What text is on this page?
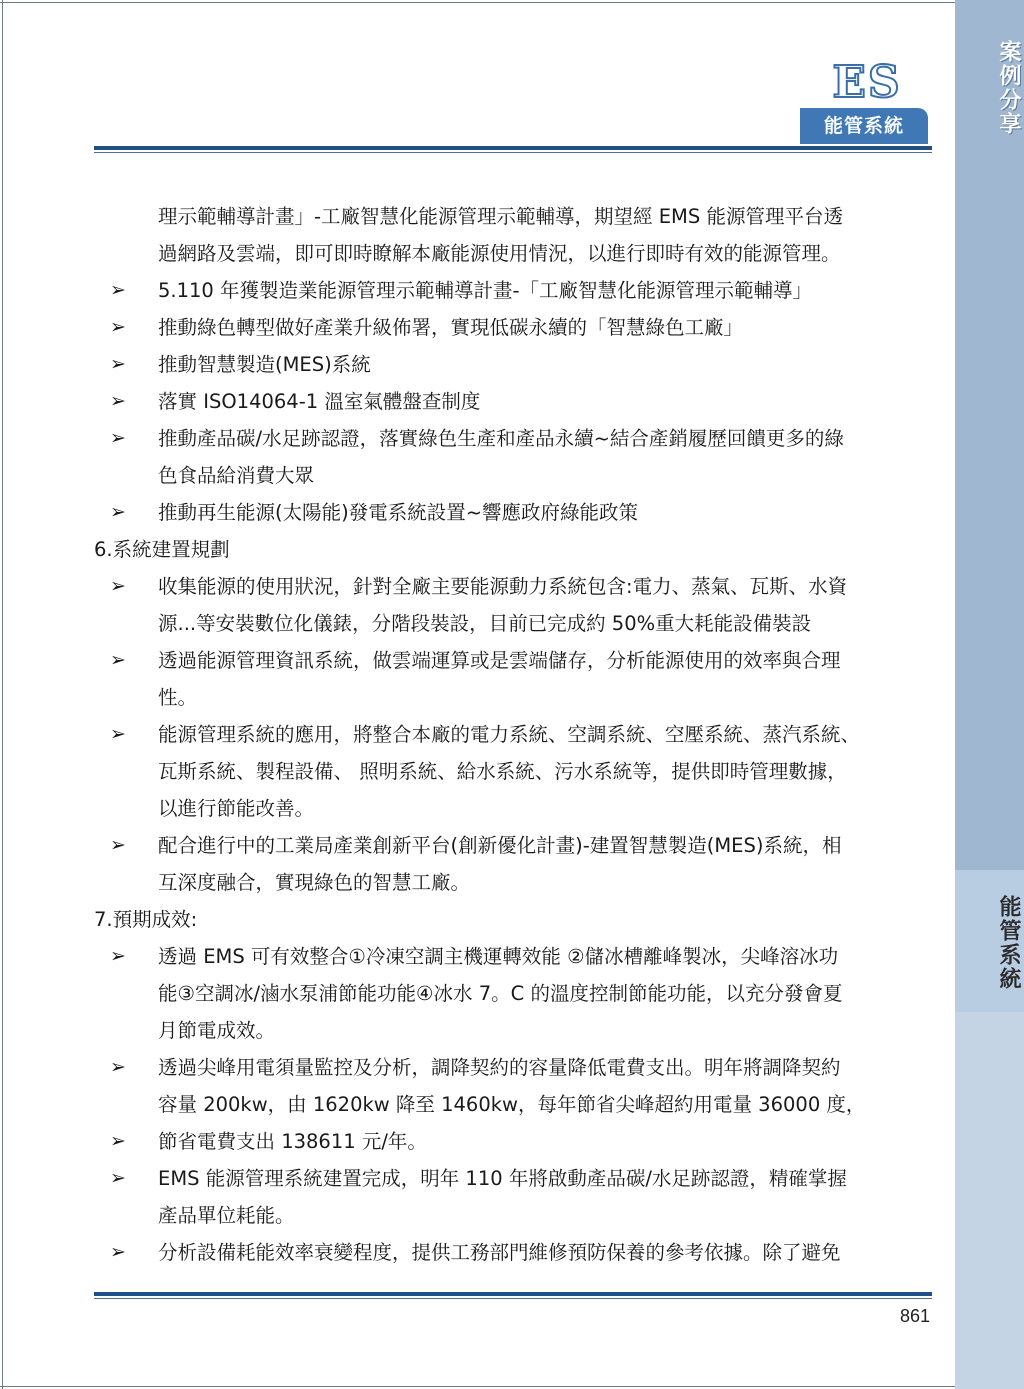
案例分享
能管系統
ES
能管系統
理示範輔導計畫」-工廠智慧化能源管理示範輔導，期望經 EMS 能源管理平台透
過網路及雲端，即可即時瞭解本廠能源使用情況，以進行即時有效的能源管理。
➢	5.110 年獲製造業能源管理示範輔導計畫-「工廠智慧化能源管理示範輔導」
➢	推動綠色轉型做好產業升級佈署，實現低碳永續的「智慧綠色工廠」
➢	推動智慧製造(MES)系統
➢	落實 ISO14064-1 溫室氣體盤查制度
➢	推動產品碳/水足跡認證，落實綠色生產和產品永續~結合產銷履歷回饋更多的綠
色食品給消費大眾
➢	推動再生能源(太陽能)發電系統設置~響應政府綠能政策
6.系統建置規劃
➢	收集能源的使用狀況，針對全廠主要能源動力系統包含:電力、蒸氣、瓦斯、水資
源...等安裝數位化儀錶，分階段裝設，目前已完成約 50%重大耗能設備裝設
➢	透過能源管理資訊系統，做雲端運算或是雲端儲存，分析能源使用的效率與合理
性。
➢	能源管理系統的應用，將整合本廠的電力系統、空調系統、空壓系統、蒸汽系統、
瓦斯系統、製程設備、 照明系統、給水系統、污水系統等，提供即時管理數據，
以進行節能改善。
➢	配合進行中的工業局產業創新平台(創新優化計畫)-建置智慧製造(MES)系統，相
互深度融合，實現綠色的智慧工廠。
7.預期成效:
➢	透過 EMS 可有效整合①冷凍空調主機運轉效能 ②儲冰槽離峰製冰，尖峰溶冰功
能③空調冰/滷水泵浦節能功能④冰水 7。C 的溫度控制節能功能，以充分發會夏
月節電成效。
➢	透過尖峰用電須量監控及分析，調降契約的容量降低電費支出。明年將調降契約
容量 200kw，由 1620kw 降至 1460kw，每年節省尖峰超約用電量 36000 度，
➢	節省電費支出 138611 元/年。
➢	EMS 能源管理系統建置完成，明年 110 年將啟動產品碳/水足跡認證，精確掌握
產品單位耗能。
➢	分析設備耗能效率衰變程度，提供工務部門維修預防保養的參考依據。除了避免
861
